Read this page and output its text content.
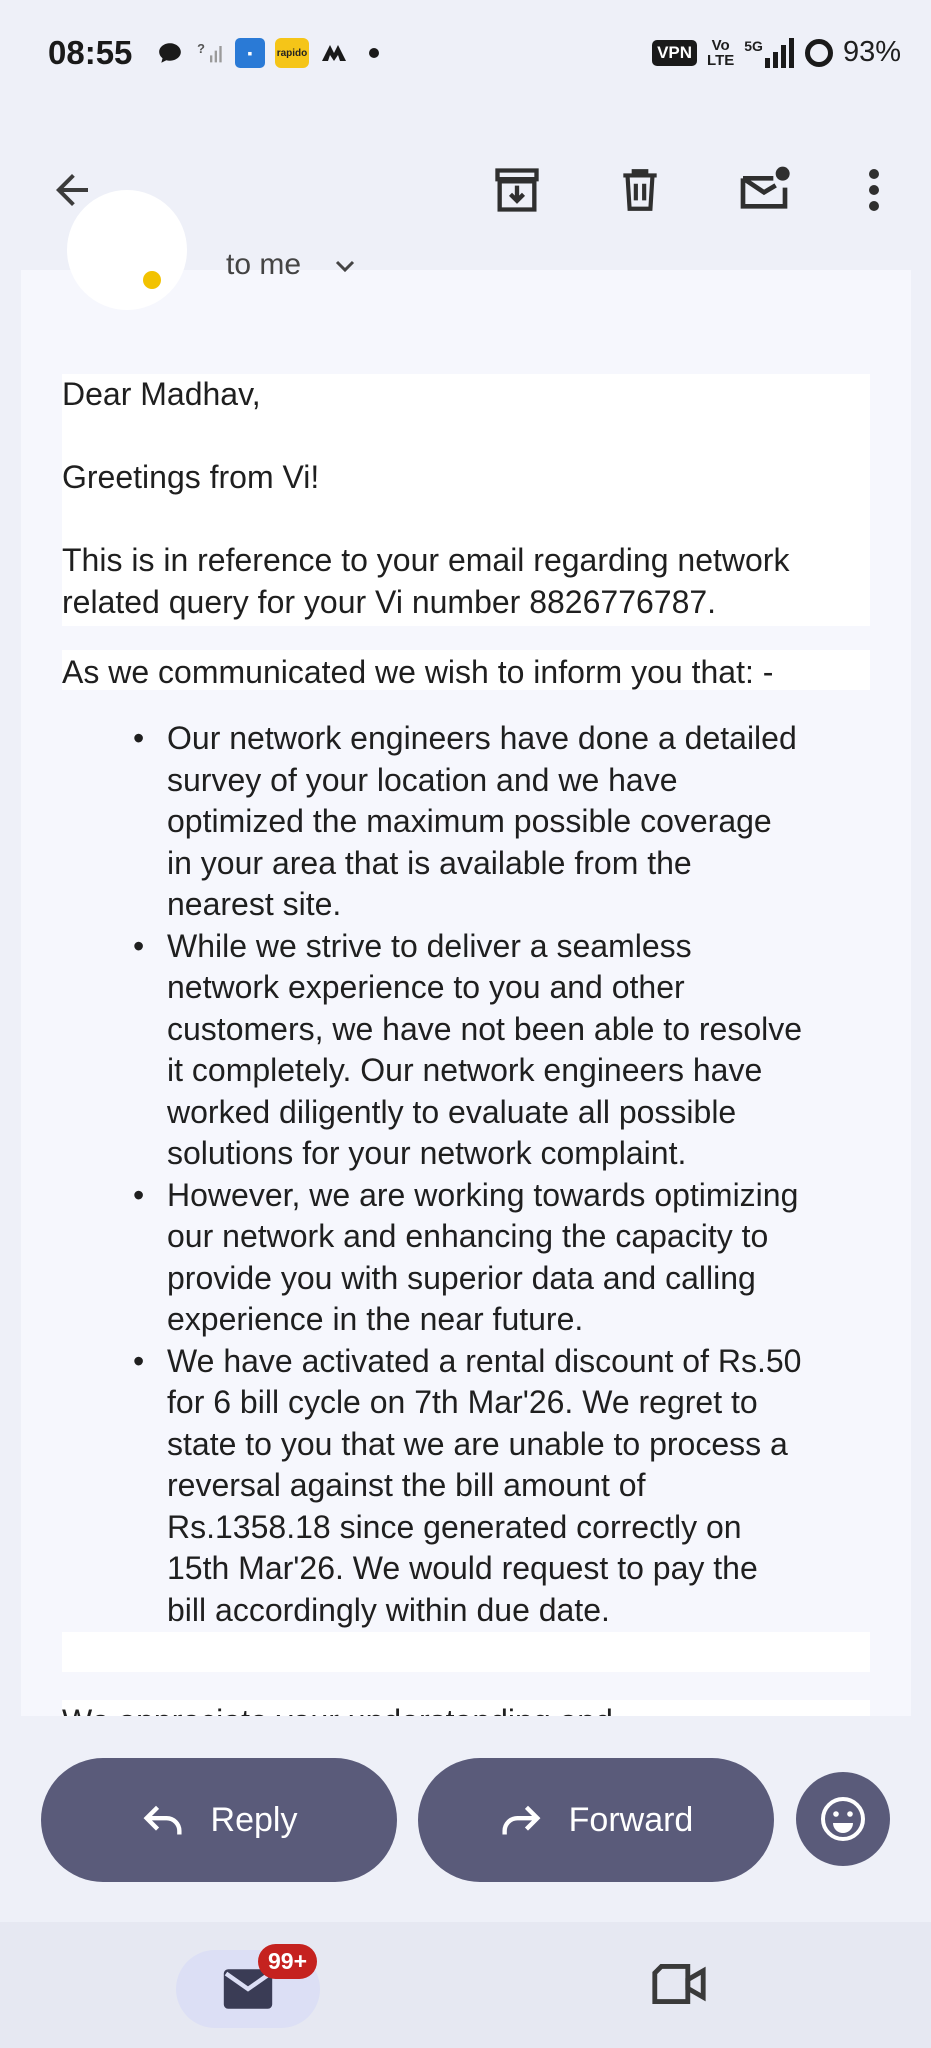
08:55	?	▪	rapido	VPN	Vo
LTE
5G	93%
to me
Dear Madhav,
Greetings from Vi!
This is in reference to your email regarding network
related query for your Vi number 8826776787.
As we communicated we wish to inform you that: -
• Our network engineers have done a detailed
survey of your location and we have
optimized the maximum possible coverage
in your area that is available from the
nearest site.
• While we strive to deliver a seamless
network experience to you and other
customers, we have not been able to resolve
it completely. Our network engineers have
worked diligently to evaluate all possible
solutions for your network complaint.
• However, we are working towards optimizing
our network and enhancing the capacity to
provide you with superior data and calling
experience in the near future.
• We have activated a rental discount of Rs.50
for 6 bill cycle on 7th Mar'26. We regret to
state to you that we are unable to process a
reversal against the bill amount of
Rs.1358.18 since generated correctly on
15th Mar'26. We would request to pay the
bill accordingly within due date.
Reply	Forward
99+
